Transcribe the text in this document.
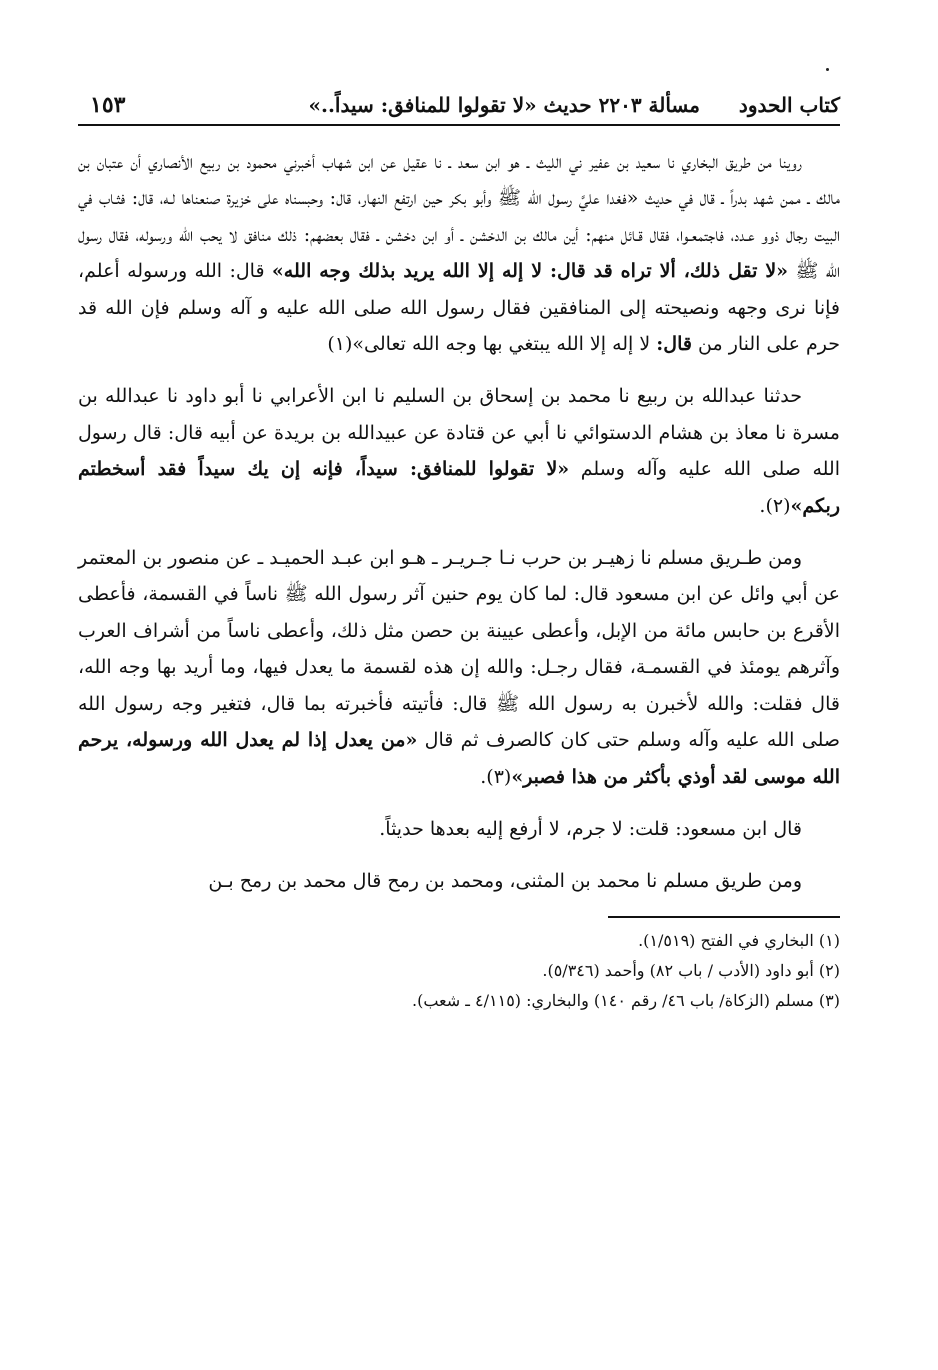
كتاب الحدود
مسألة ٢٢٠٣ حديث «لا تقولوا للمنافق: سيداً..»
١٥٣

روينا من طريق البخاري نا سعيد بن عفير ني الليث ـ هو ابن سعد ـ نا عقيل عن ابن شهاب أخبرني محمود بن ربيع الأنصاري أن عتبان بن مالك ـ ممن شهد بدراً ـ قال في حديث «فغدا عليَّ رسول الله ﷺ وأبو بكر حين ارتفع النهار، قال: وحبسناه على خزيرة صنعناها لـه، قال: فثـاب في البيت رجال ذوو عـدد، فاجتمعـوا، فقال قـائل منهم: أين مالك بن الدخشن ـ أو ابن دخشن ـ فقال بعضهم: ذلك منافق لا يحب الله ورسوله، فقال رسول الله ﷺ «لا تقل ذلك، ألا تراه قد قال: لا إله إلا الله يريد بذلك وجه الله» قال: الله ورسوله أعلم، فإنا نرى وجهه ونصيحته إلى المنافقين فقال رسول الله صلى الله عليه و آله وسلم فإن الله قد حرم على النار من قال: لا إله إلا الله يبتغي بها وجه الله تعالى»(١)

حدثنا عبدالله بن ربيع نا محمد بن إسحاق بن السليم نا ابن الأعرابي نا أبو داود نا عبدالله بن مسرة نا معاذ بن هشام الدستوائي نا أبي عن قتادة عن عبيدالله بن بريدة عن أبيه قال: قال رسول الله صلى الله عليه وآله وسلم «لا تقولوا للمنافق: سيداً، فإنه إن يك سيداً فقد أسخطتم ربكم»(٢).

ومن طـريق مسلم نا زهيـر بن حرب نـا جـريـر ـ هـو ابن عبـد الحميـد ـ عن منصور بن المعتمر عن أبي وائل عن ابن مسعود قال: لما كان يوم حنين آثر رسول الله ﷺ ناساً في القسمة، فأعطى الأقرع بن حابس مائة من الإبل، وأعطى عيينة بن حصن مثل ذلك، وأعطى ناساً من أشراف العرب وآثرهم يومئذ في القسمـة، فقال رجـل: والله إن هذه لقسمة ما يعدل فيها، وما أريد بها وجه الله، قال فقلت: والله لأخبرن به رسول الله ﷺ قال: فأتيته فأخبرته بما قال، فتغير وجه رسول الله صلى الله عليه وآله وسلم حتى كان كالصرف ثم قال «من يعدل إذا لم يعدل الله ورسوله، يرحم الله موسى لقد أوذي بأكثر من هذا فصبر»(٣).

قال ابن مسعود: قلت: لا جرم، لا أرفع إليه بعدها حديثاً.

ومن طريق مسلم نا محمد بن المثنى، ومحمد بن رمح قال محمد بن رمح بـن

(١) البخاري في الفتح (١/٥١٩).
(٢) أبو داود (الأدب / باب ٨٢) وأحمد (٥/٣٤٦).
(٣) مسلم (الزكاة/ باب ٤٦/ رقم ١٤٠) والبخاري: (٤/١١٥ ـ شعب).
